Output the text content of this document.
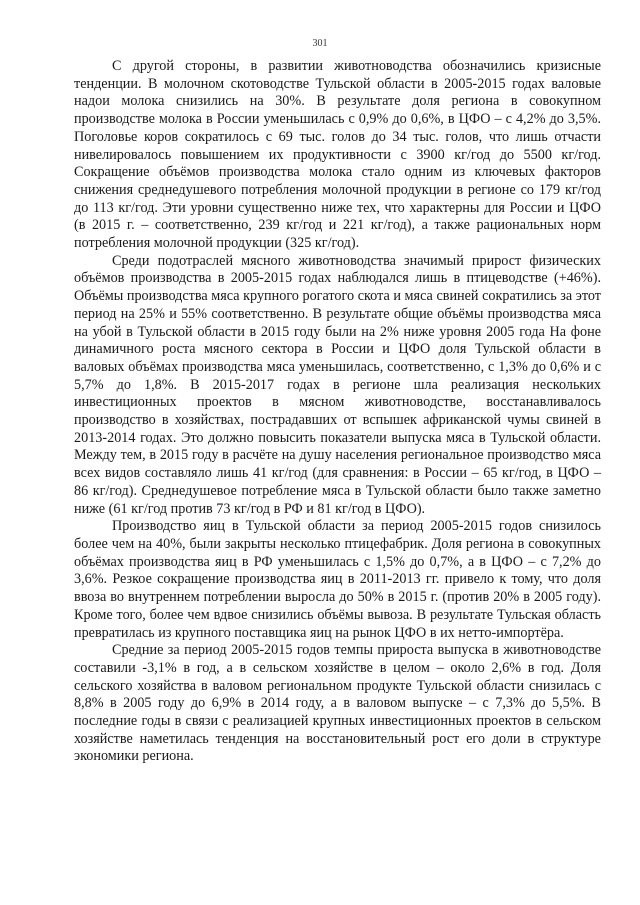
301

С другой стороны, в развитии животноводства обозначились кризисные тенденции. В молочном скотоводстве Тульской области в 2005-2015 годах валовые надои молока снизились на 30%. В результате доля региона в совокупном производстве молока в России уменьшилась с 0,9% до 0,6%, в ЦФО – с 4,2% до 3,5%. Поголовье коров сократилось с 69 тыс. голов до 34 тыс. голов, что лишь отчасти нивелировалось повышением их продуктивности с 3900 кг/год до 5500 кг/год. Сокращение объёмов производства молока стало одним из ключевых факторов снижения среднедушевого потребления молочной продукции в регионе со 179 кг/год до 113 кг/год. Эти уровни существенно ниже тех, что характерны для России и ЦФО (в 2015 г. – соответственно, 239 кг/год и 221 кг/год), а также рациональных норм потребления молочной продукции (325 кг/год).

Среди подотраслей мясного животноводства значимый прирост физических объёмов производства в 2005-2015 годах наблюдался лишь в птицеводстве (+46%). Объёмы производства мяса крупного рогатого скота и мяса свиней сократились за этот период на 25% и 55% соответственно. В результате общие объёмы производства мяса на убой в Тульской области в 2015 году были на 2% ниже уровня 2005 года На фоне динамичного роста мясного сектора в России и ЦФО доля Тульской области в валовых объёмах производства мяса уменьшилась, соответственно, с 1,3% до 0,6% и с 5,7% до 1,8%. В 2015-2017 годах в регионе шла реализация нескольких инвестиционных проектов в мясном животноводстве, восстанавливалось производство в хозяйствах, пострадавших от вспышек африканской чумы свиней в 2013-2014 годах. Это должно повысить показатели выпуска мяса в Тульской области. Между тем, в 2015 году в расчёте на душу населения региональное производство мяса всех видов составляло лишь 41 кг/год (для сравнения: в России – 65 кг/год, в ЦФО – 86 кг/год). Среднедушевое потребление мяса в Тульской области было также заметно ниже (61 кг/год против 73 кг/год в РФ и 81 кг/год в ЦФО).

Производство яиц в Тульской области за период 2005-2015 годов снизилось более чем на 40%, были закрыты несколько птицефабрик. Доля региона в совокупных объёмах производства яиц в РФ уменьшилась с 1,5% до 0,7%, а в ЦФО – с 7,2% до 3,6%. Резкое сокращение производства яиц в 2011-2013 гг. привело к тому, что доля ввоза во внутреннем потреблении выросла до 50% в 2015 г. (против 20% в 2005 году). Кроме того, более чем вдвое снизились объёмы вывоза. В результате Тульская область превратилась из крупного поставщика яиц на рынок ЦФО в их нетто-импортёра.

Средние за период 2005-2015 годов темпы прироста выпуска в животноводстве составили -3,1% в год, а в сельском хозяйстве в целом – около 2,6% в год. Доля сельского хозяйства в валовом региональном продукте Тульской области снизилась с 8,8% в 2005 году до 6,9% в 2014 году, а в валовом выпуске – с 7,3% до 5,5%. В последние годы в связи с реализацией крупных инвестиционных проектов в сельском хозяйстве наметилась тенденция на восстановительный рост его доли в структуре экономики региона.
